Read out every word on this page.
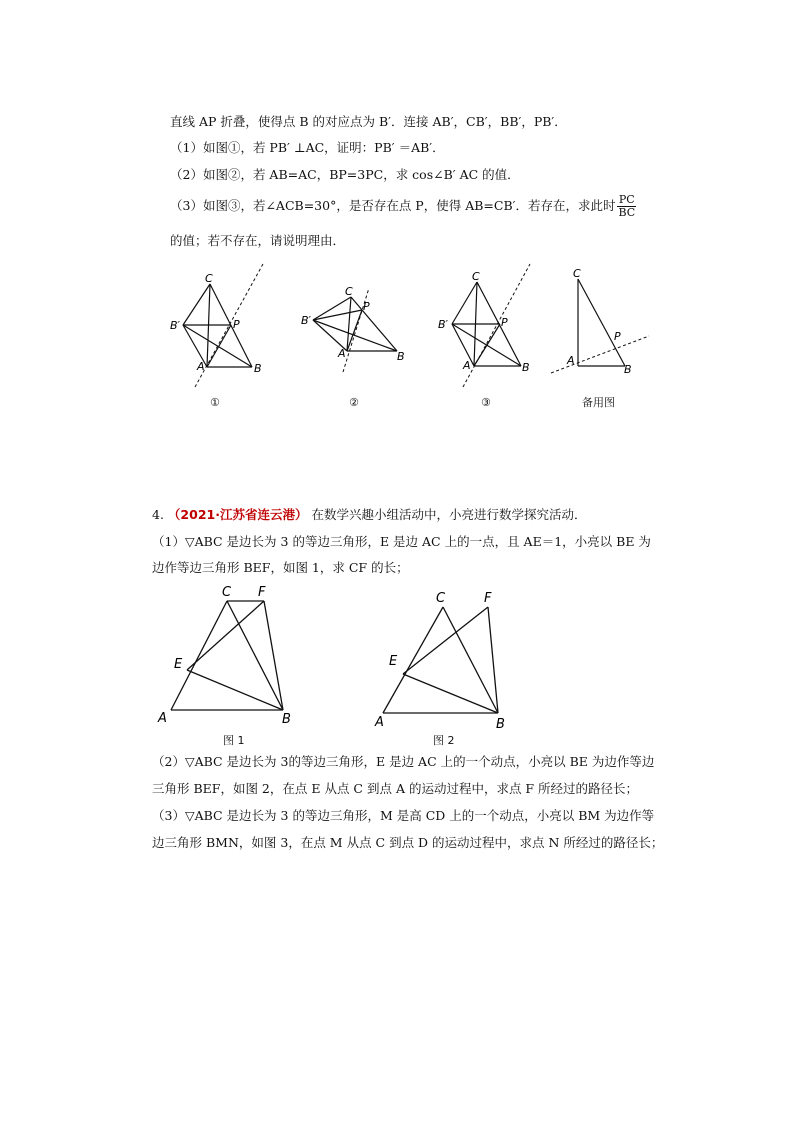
直线 AP 折叠，使得点 B 的对应点为 B′．连接 AB′，CB′，BB′，PB′．
（1）如图①，若 PB′ ⊥AC，证明：PB′ ＝AB′．
（2）如图②，若 AB=AC，BP=3PC，求 cos∠B′ AC 的值．
（3）如图③，若∠ACB=30°，是否存在点 P，使得 AB=CB′．若存在，求此时 $\frac{PC}{BC}$
的值；若不存在，请说明理由．
C
B′	P
A	B
①
C
B′
P
A	B
②
C
B′	P
A	B
③
C
A
P
B
备用图
4. （2021·江苏省连云港） 在数学兴趣小组活动中，小亮进行数学探究活动．
（1）▽ABC 是边长为 3 的等边三角形，E 是边 AC 上的一点，且 AE＝1，小亮以 BE 为
边作等边三角形 BEF，如图 1，求 CF 的长；
C F
E
A	B
图 1
C	F
E
A	B
图 2
（2）▽ABC 是边长为 3的等边三角形，E 是边 AC 上的一个动点，小亮以 BE 为边作等边
三角形 BEF，如图 2，在点 E 从点 C 到点 A 的运动过程中，求点 F 所经过的路径长；
（3）▽ABC 是边长为 3 的等边三角形，M 是高 CD 上的一个动点，小亮以 BM 为边作等
边三角形 BMN，如图 3，在点 M 从点 C 到点 D 的运动过程中，求点 N 所经过的路径长；
